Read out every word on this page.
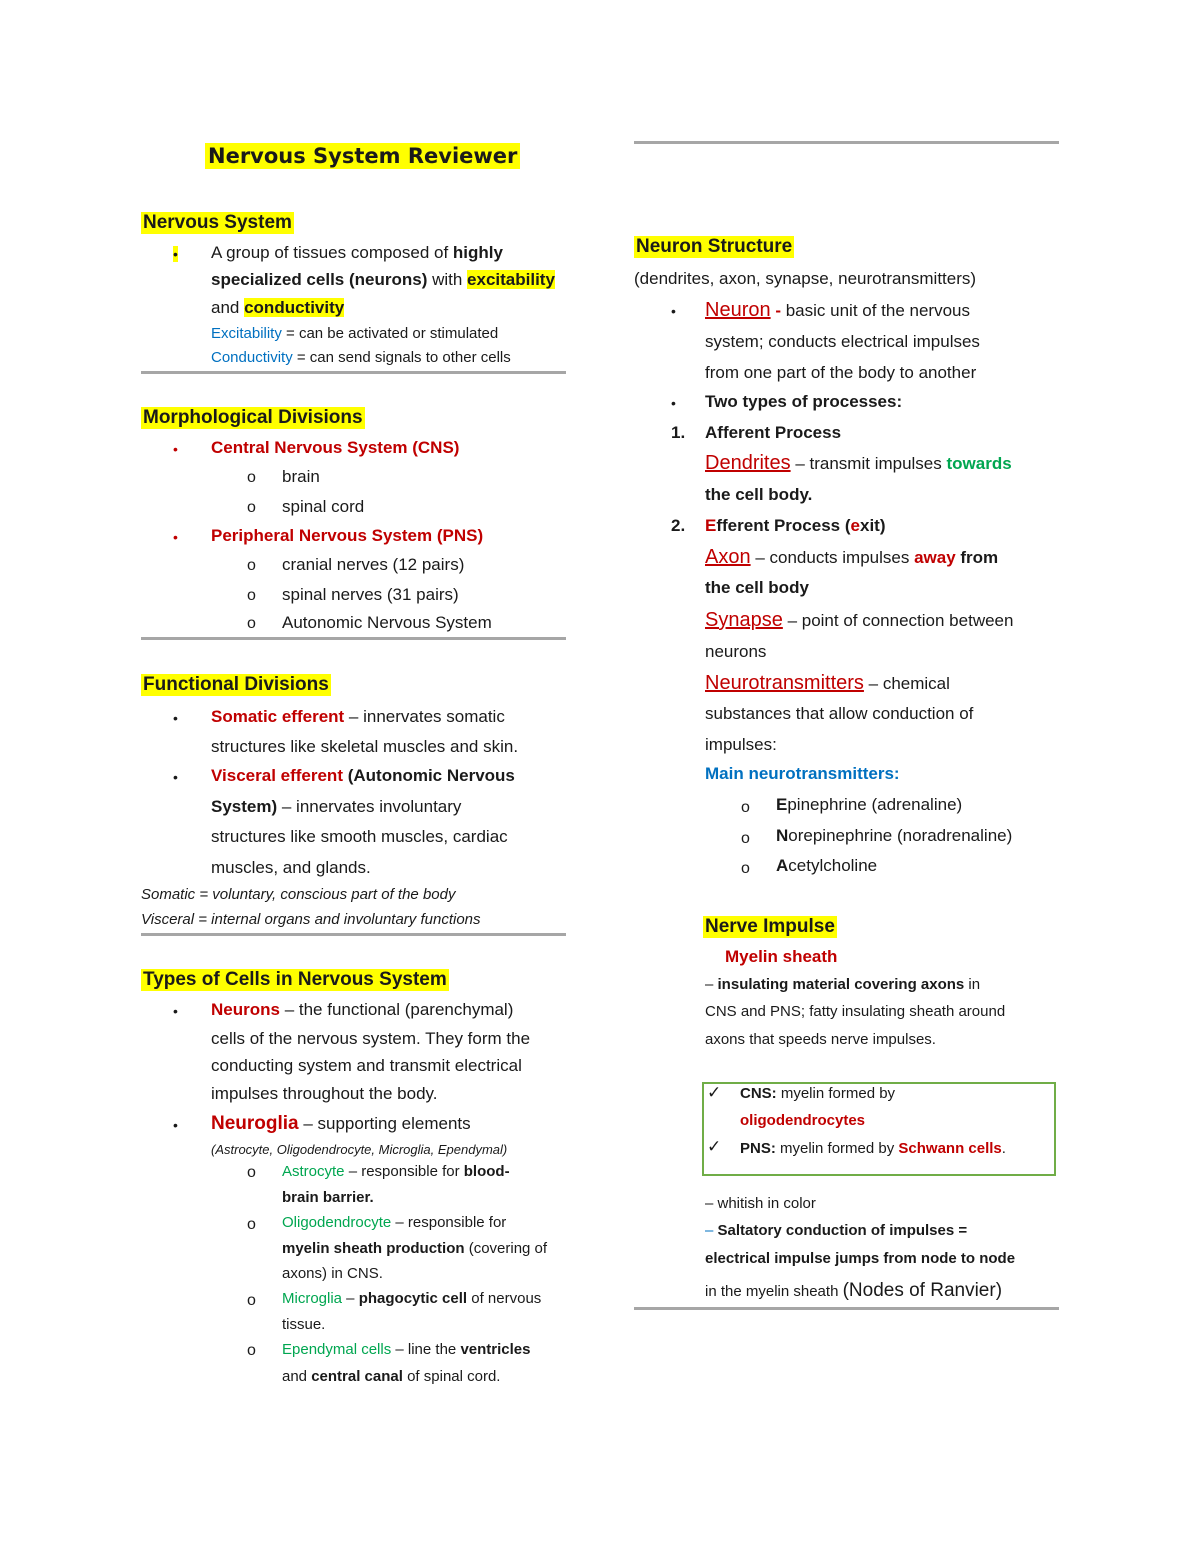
Nervous System Reviewer
Nervous System
• A group of tissues composed of highly
specialized cells (neurons) with excitability
and conductivity
Excitability = can be activated or stimulated
Conductivity = can send signals to other cells
Morphological Divisions
• Central Nervous System (CNS)
o brain
o spinal cord
• Peripheral Nervous System (PNS)
o cranial nerves (12 pairs)
o spinal nerves (31 pairs)
o Autonomic Nervous System
Functional Divisions
• Somatic efferent – innervates somatic
structures like skeletal muscles and skin.
• Visceral efferent (Autonomic Nervous
System) – innervates involuntary
structures like smooth muscles, cardiac
muscles, and glands.
Somatic = voluntary, conscious part of the body
Visceral = internal organs and involuntary functions
Types of Cells in Nervous System
• Neurons – the functional (parenchymal)
cells of the nervous system. They form the
conducting system and transmit electrical
impulses throughout the body.
• Neuroglia – supporting elements
(Astrocyte, Oligodendrocyte, Microglia, Ependymal)
o Astrocyte – responsible for blood-
brain barrier.
o Oligodendrocyte – responsible for
myelin sheath production (covering of
axons) in CNS.
o Microglia – phagocytic cell of nervous
tissue.
o Ependymal cells – line the ventricles
and central canal of spinal cord.
Neuron Structure
(dendrites, axon, synapse, neurotransmitters)
• Neuron - basic unit of the nervous
system; conducts electrical impulses
from one part of the body to another
• Two types of processes:
1. Afferent Process
Dendrites – transmit impulses towards
the cell body.
2. Efferent Process (exit)
Axon – conducts impulses away from
the cell body
Synapse – point of connection between
neurons
Neurotransmitters – chemical
substances that allow conduction of
impulses:
Main neurotransmitters:
o Epinephrine (adrenaline)
o Norepinephrine (noradrenaline)
o Acetylcholine
Nerve Impulse
Myelin sheath
– insulating material covering axons in
CNS and PNS; fatty insulating sheath around
axons that speeds nerve impulses.
✓ CNS: myelin formed by
oligodendrocytes
✓ PNS: myelin formed by Schwann cells.
– whitish in color
– Saltatory conduction of impulses =
electrical impulse jumps from node to node
in the myelin sheath (Nodes of Ranvier)
